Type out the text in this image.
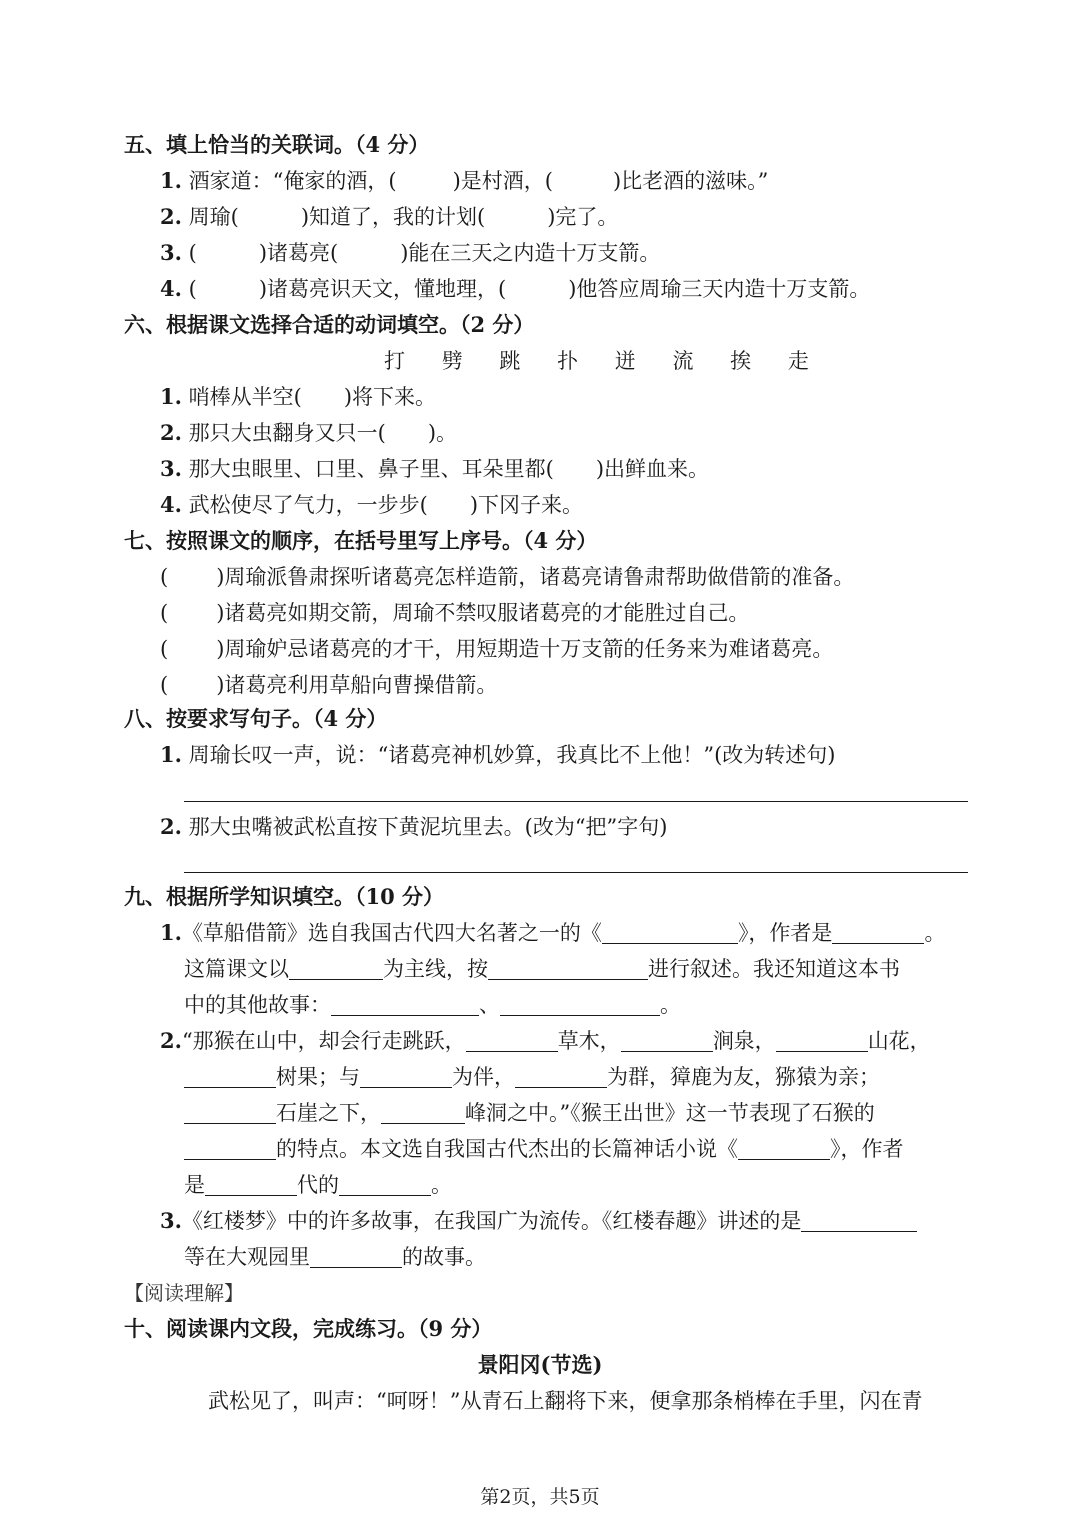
五、填上恰当的关联词。（4 分）
1. 酒家道：“俺家的酒，(	)是村酒，(	)比老酒的滋味。”
2. 周瑜(	)知道了，我的计划(	)完了。
3. (	)诸葛亮(	)能在三天之内造十万支箭。
4. (	)诸葛亮识天文，懂地理，(	)他答应周瑜三天内造十万支箭。
六、根据课文选择合适的动词填空。（2 分）
打 劈 跳 扑 迸 流 挨 走
1. 哨棒从半空( )将下来。
2. 那只大虫翻身又只一( )。
3. 那大虫眼里、口里、鼻子里、耳朵里都( )出鲜血来。
4. 武松使尽了气力，一步步( )下冈子来。
七、按照课文的顺序，在括号里写上序号。（4 分）
( )周瑜派鲁肃探听诸葛亮怎样造箭，诸葛亮请鲁肃帮助做借箭的准备。
( )诸葛亮如期交箭，周瑜不禁叹服诸葛亮的才能胜过自己。
( )周瑜妒忌诸葛亮的才干，用短期造十万支箭的任务来为难诸葛亮。
( )诸葛亮利用草船向曹操借箭。
八、按要求写句子。（4 分）
1. 周瑜长叹一声，说：“诸葛亮神机妙算，我真比不上他！”(改为转述句)
2. 那大虫嘴被武松直按下黄泥坑里去。(改为“把”字句)
九、根据所学知识填空。（10 分）
1.《草船借箭》选自我国古代四大名著之一的《	》，作者是	。
这篇课文以	为主线，按	进行叙述。我还知道这本书
中的其他故事：	、	。
2.“那猴在山中，却会行走跳跃，	草木，	涧泉，	山花，
树果；与	为伴，	为群，獐鹿为友，猕猿为亲；
石崖之下，	峰洞之中。”《猴王出世》这一节表现了石猴的
的特点。本文选自我国古代杰出的长篇神话小说《	》，作者
是	代的	。
3.《红楼梦》中的许多故事，在我国广为流传。《红楼春趣》讲述的是
等在大观园里	的故事。
【阅读理解】
十、阅读课内文段，完成练习。（9 分）
景阳冈(节选)
武松见了，叫声：“呵呀！”从青石上翻将下来，便拿那条梢棒在手里，闪在青
第2页，共5页
